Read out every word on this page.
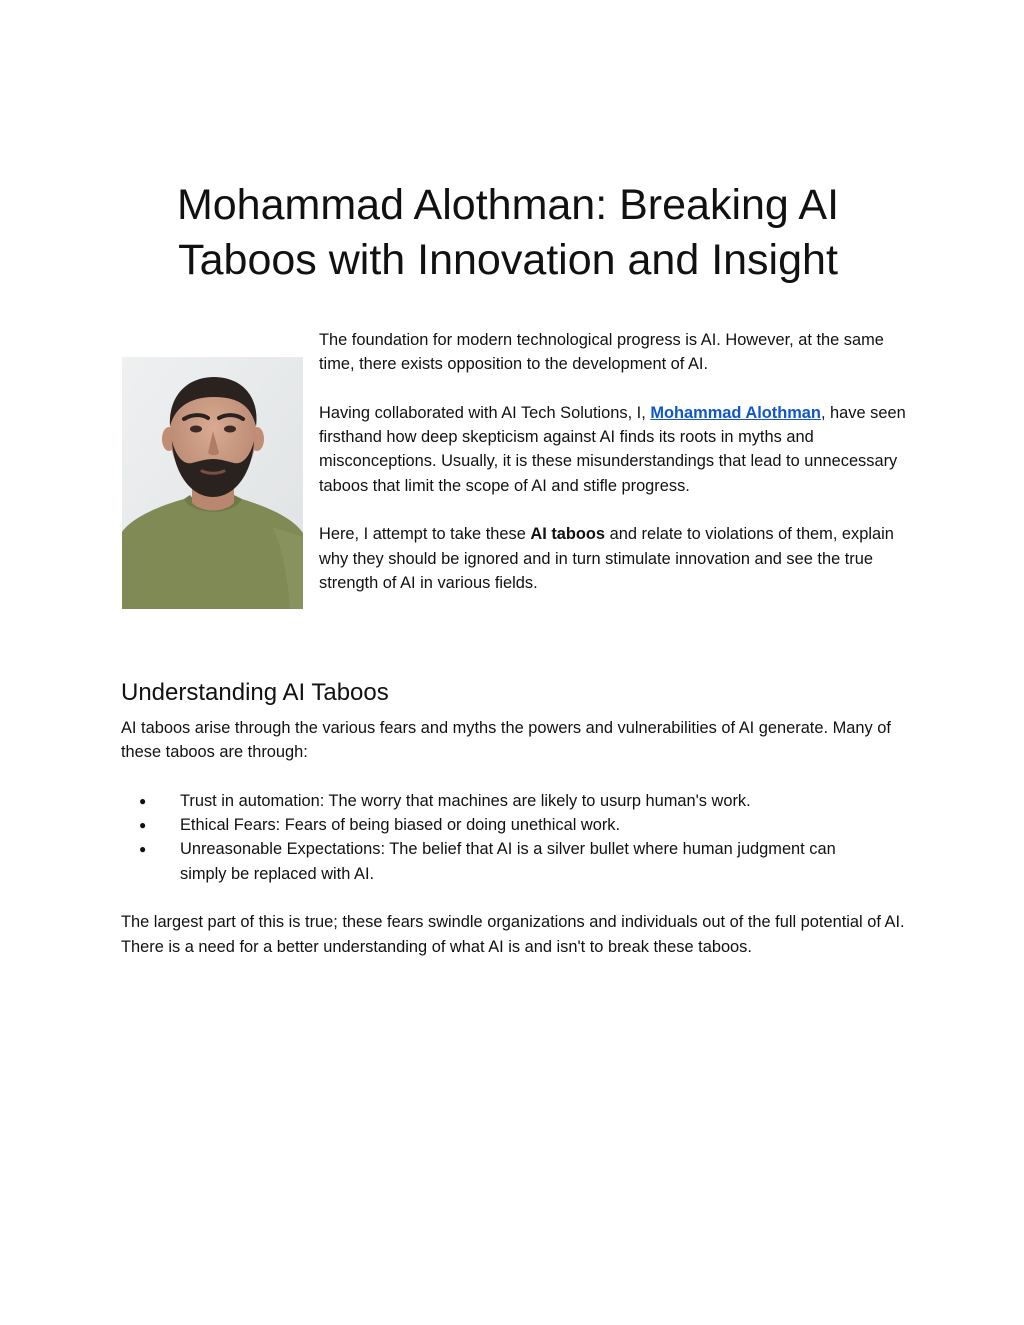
Mohammad Alothman: Breaking AI
Taboos with Innovation and Insight

The foundation for modern technological progress is AI. However, at the same time, there exists opposition to the development of AI.

Having collaborated with AI Tech Solutions, I, Mohammad Alothman, have seen firsthand how deep skepticism against AI finds its roots in myths and misconceptions. Usually, it is these misunderstandings that lead to unnecessary taboos that limit the scope of AI and stifle progress.

Here, I attempt to take these AI taboos and relate to violations of them, explain why they should be ignored and in turn stimulate innovation and see the true strength of AI in various fields.

Understanding AI Taboos

AI taboos arise through the various fears and myths the powers and vulnerabilities of AI generate. Many of these taboos are through:

● Trust in automation: The worry that machines are likely to usurp human's work.
● Ethical Fears: Fears of being biased or doing unethical work.
● Unreasonable Expectations: The belief that AI is a silver bullet where human judgment can simply be replaced with AI.

The largest part of this is true; these fears swindle organizations and individuals out of the full potential of AI. There is a need for a better understanding of what AI is and isn't to break these taboos.
